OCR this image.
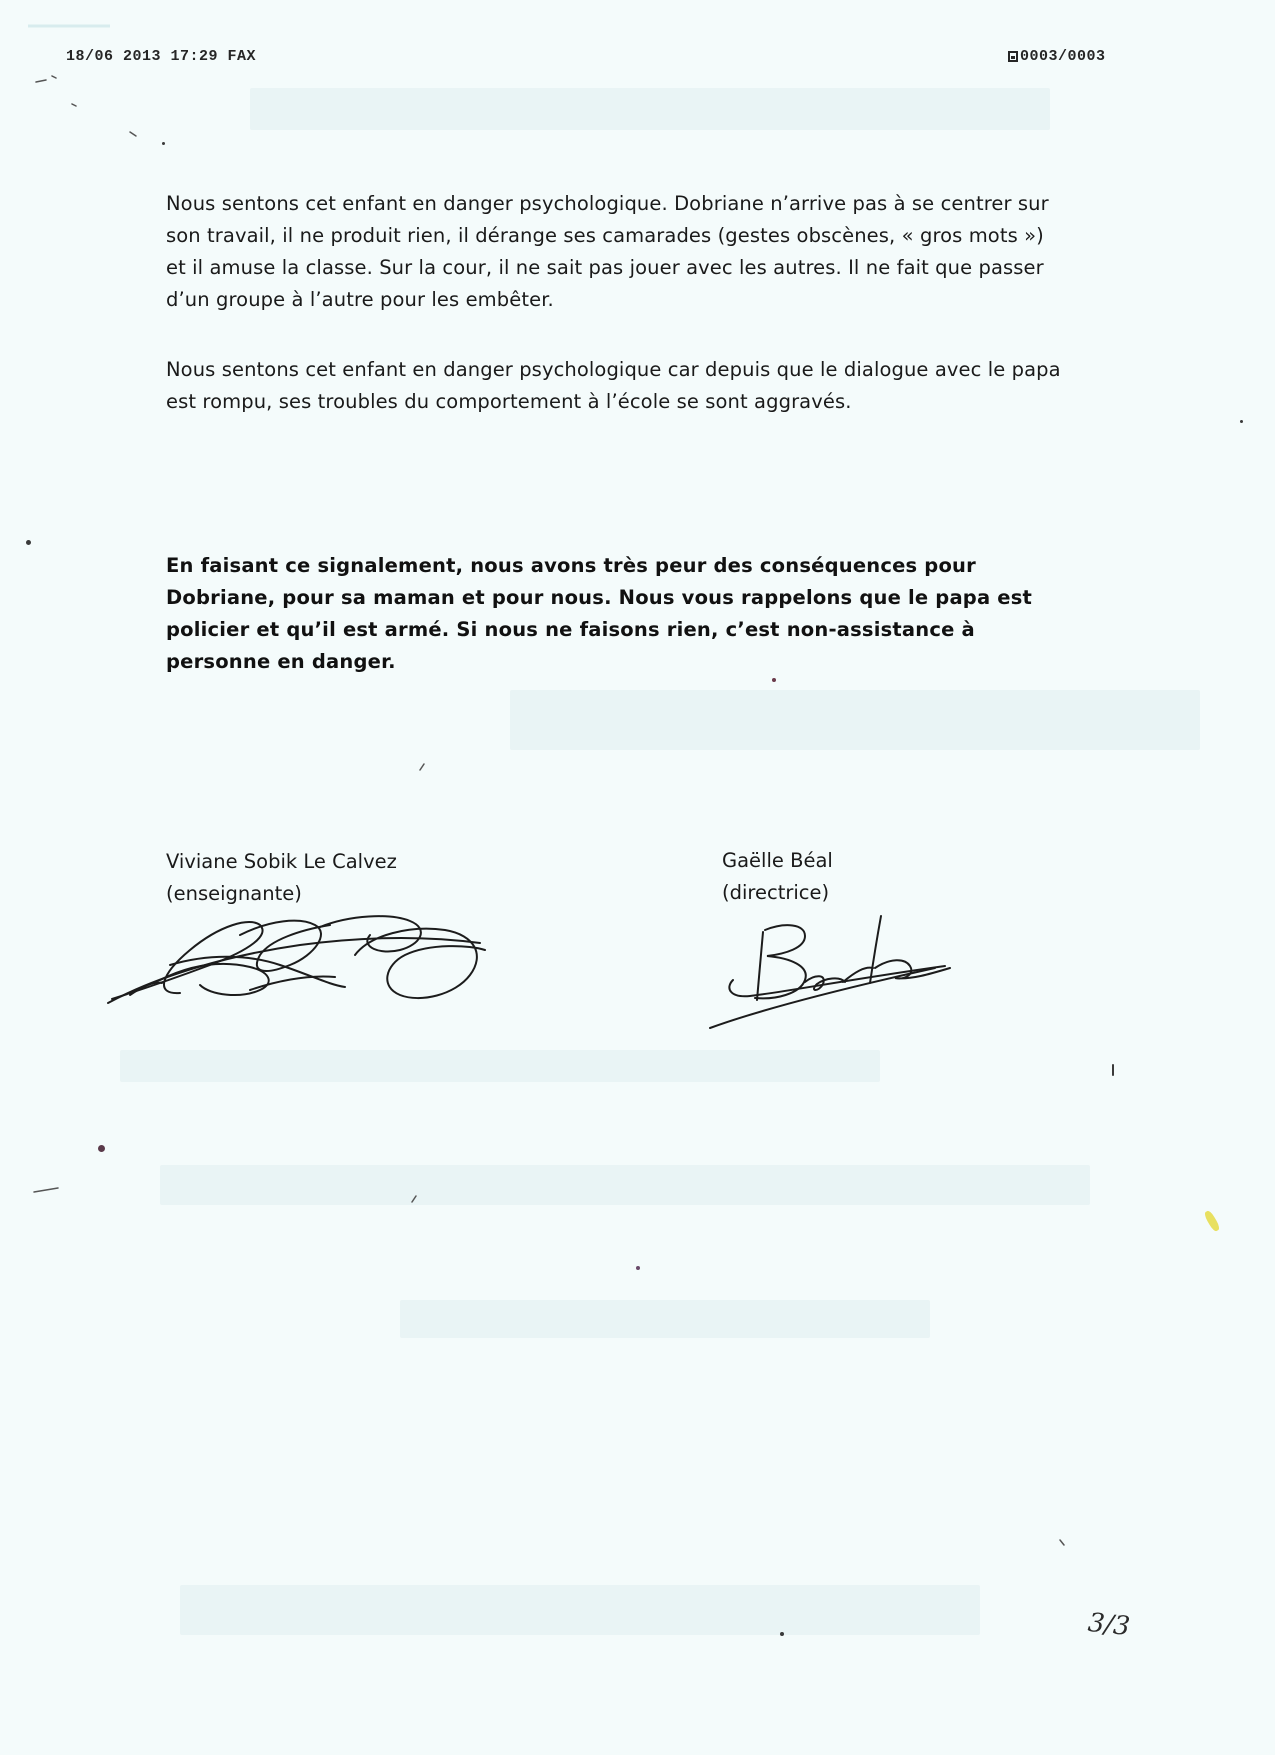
18/06 2013 17:29 FAX	0003/0003

Nous sentons cet enfant en danger psychologique. Dobriane n’arrive pas à se centrer sur son travail, il ne produit rien, il dérange ses camarades (gestes obscènes, « gros mots ») et il amuse la classe. Sur la cour, il ne sait pas jouer avec les autres. Il ne fait que passer d’un groupe à l’autre pour les embêter.

Nous sentons cet enfant en danger psychologique car depuis que le dialogue avec le papa est rompu, ses troubles du comportement à l’école se sont aggravés.

En faisant ce signalement, nous avons très peur des conséquences pour Dobriane, pour sa maman et pour nous. Nous vous rappelons que le papa est policier et qu’il est armé. Si nous ne faisons rien, c’est non-assistance à personne en danger.

Viviane Sobik Le Calvez
(enseignante)
Gaëlle Béal
(directrice)
3/3
